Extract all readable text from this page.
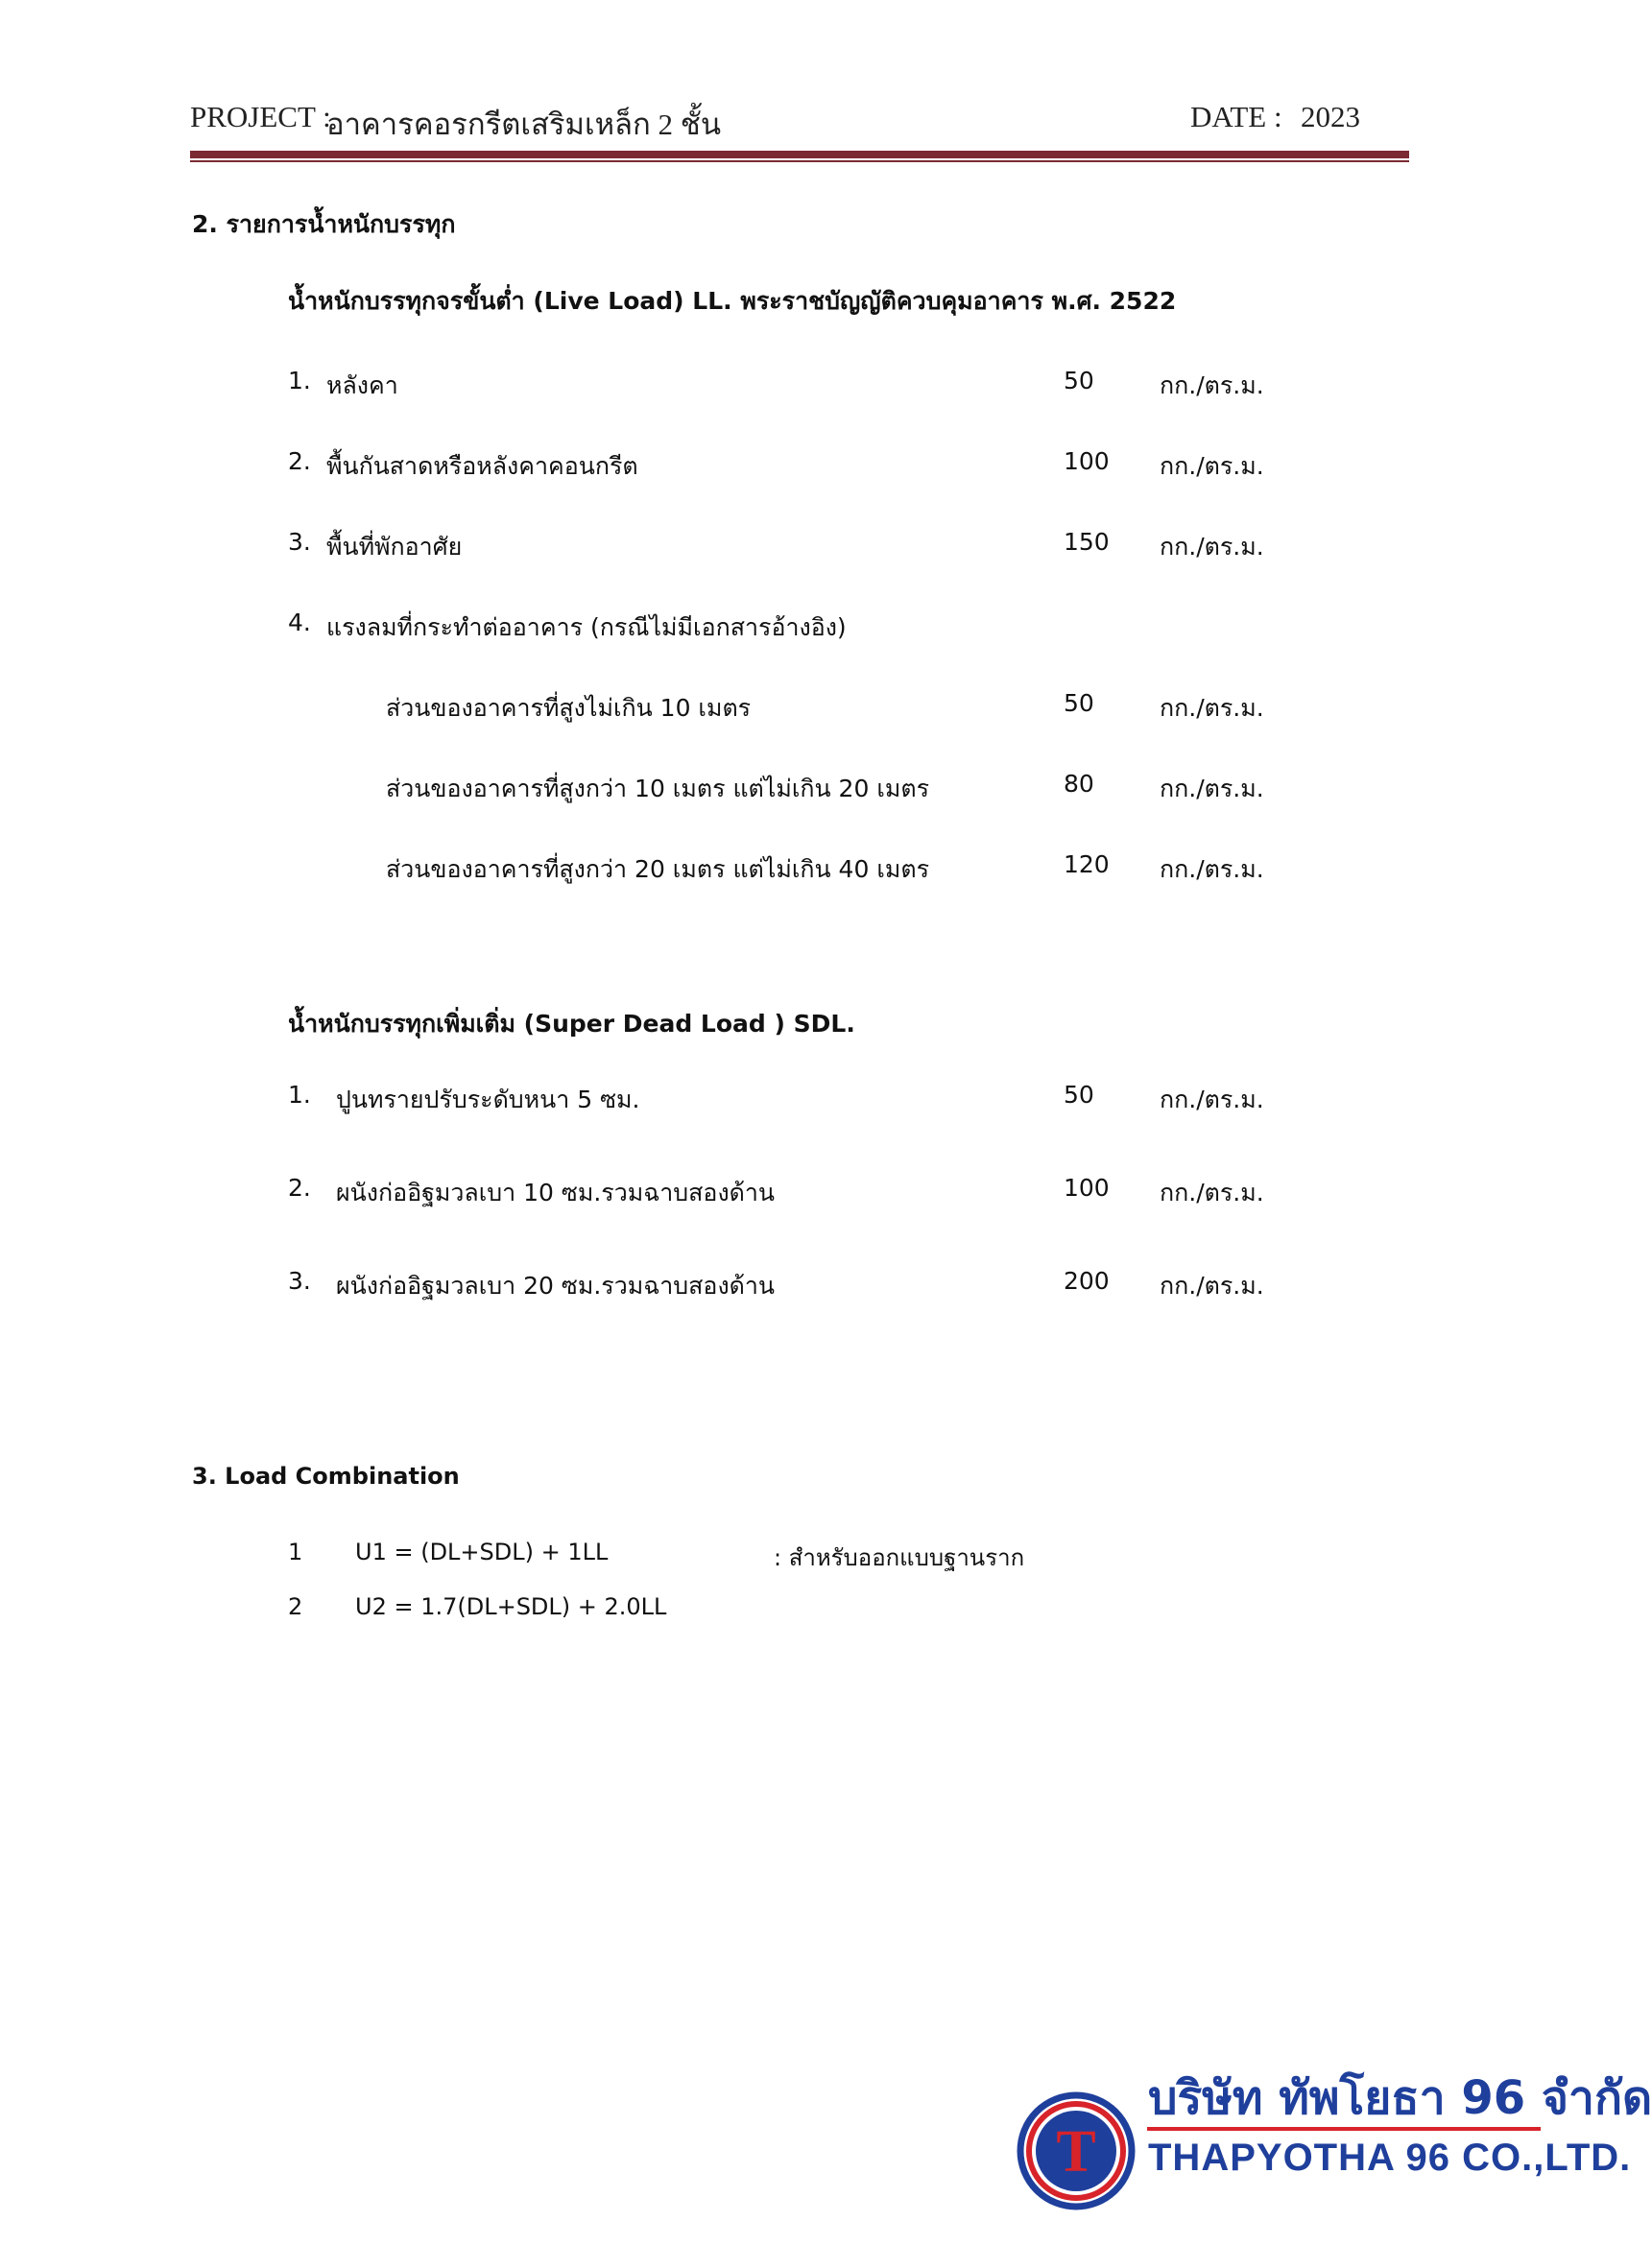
PROJECT :
อาคารคอรกรีตเสริมเหล็ก 2 ชั้น	DATE : 2023
2. รายการน้ำหนักบรรทุก
น้ำหนักบรรทุกจรขั้นต่ำ (Live Load) LL. พระราชบัญญัติควบคุมอาคาร พ.ศ. 2522
1. หลังคา	50	กก./ตร.ม.
2. พื้นกันสาดหรือหลังคาคอนกรีต	100 กก./ตร.ม.
3. พื้นที่พักอาศัย	150 กก./ตร.ม.
4. แรงลมที่กระทำต่ออาคาร (กรณีไม่มีเอกสารอ้างอิง)
ส่วนของอาคารที่สูงไม่เกิน 10 เมตร	50	กก./ตร.ม.
ส่วนของอาคารที่สูงกว่า 10 เมตร แต่ไม่เกิน 20 เมตร	80	กก./ตร.ม.
ส่วนของอาคารที่สูงกว่า 20 เมตร แต่ไม่เกิน 40 เมตร	120 กก./ตร.ม.
น้ำหนักบรรทุกเพิ่มเติ่ม (Super Dead Load ) SDL.
1. ปูนทรายปรับระดับหนา 5 ซม.	50	กก./ตร.ม.
2. ผนังก่ออิฐมวลเบา 10 ซม.รวมฉาบสองด้าน	100 กก./ตร.ม.
3. ผนังก่ออิฐมวลเบา 20 ซม.รวมฉาบสองด้าน	200 กก./ตร.ม.
3. Load Combination
1 U1 = (DL+SDL) + 1LL	: สำหรับออกแบบฐานราก
2 U2 = 1.7(DL+SDL) + 2.0LL
T
บริษัท ทัพโยธา 96 จำกัด
THAPYOTHA 96 CO.,LTD.
